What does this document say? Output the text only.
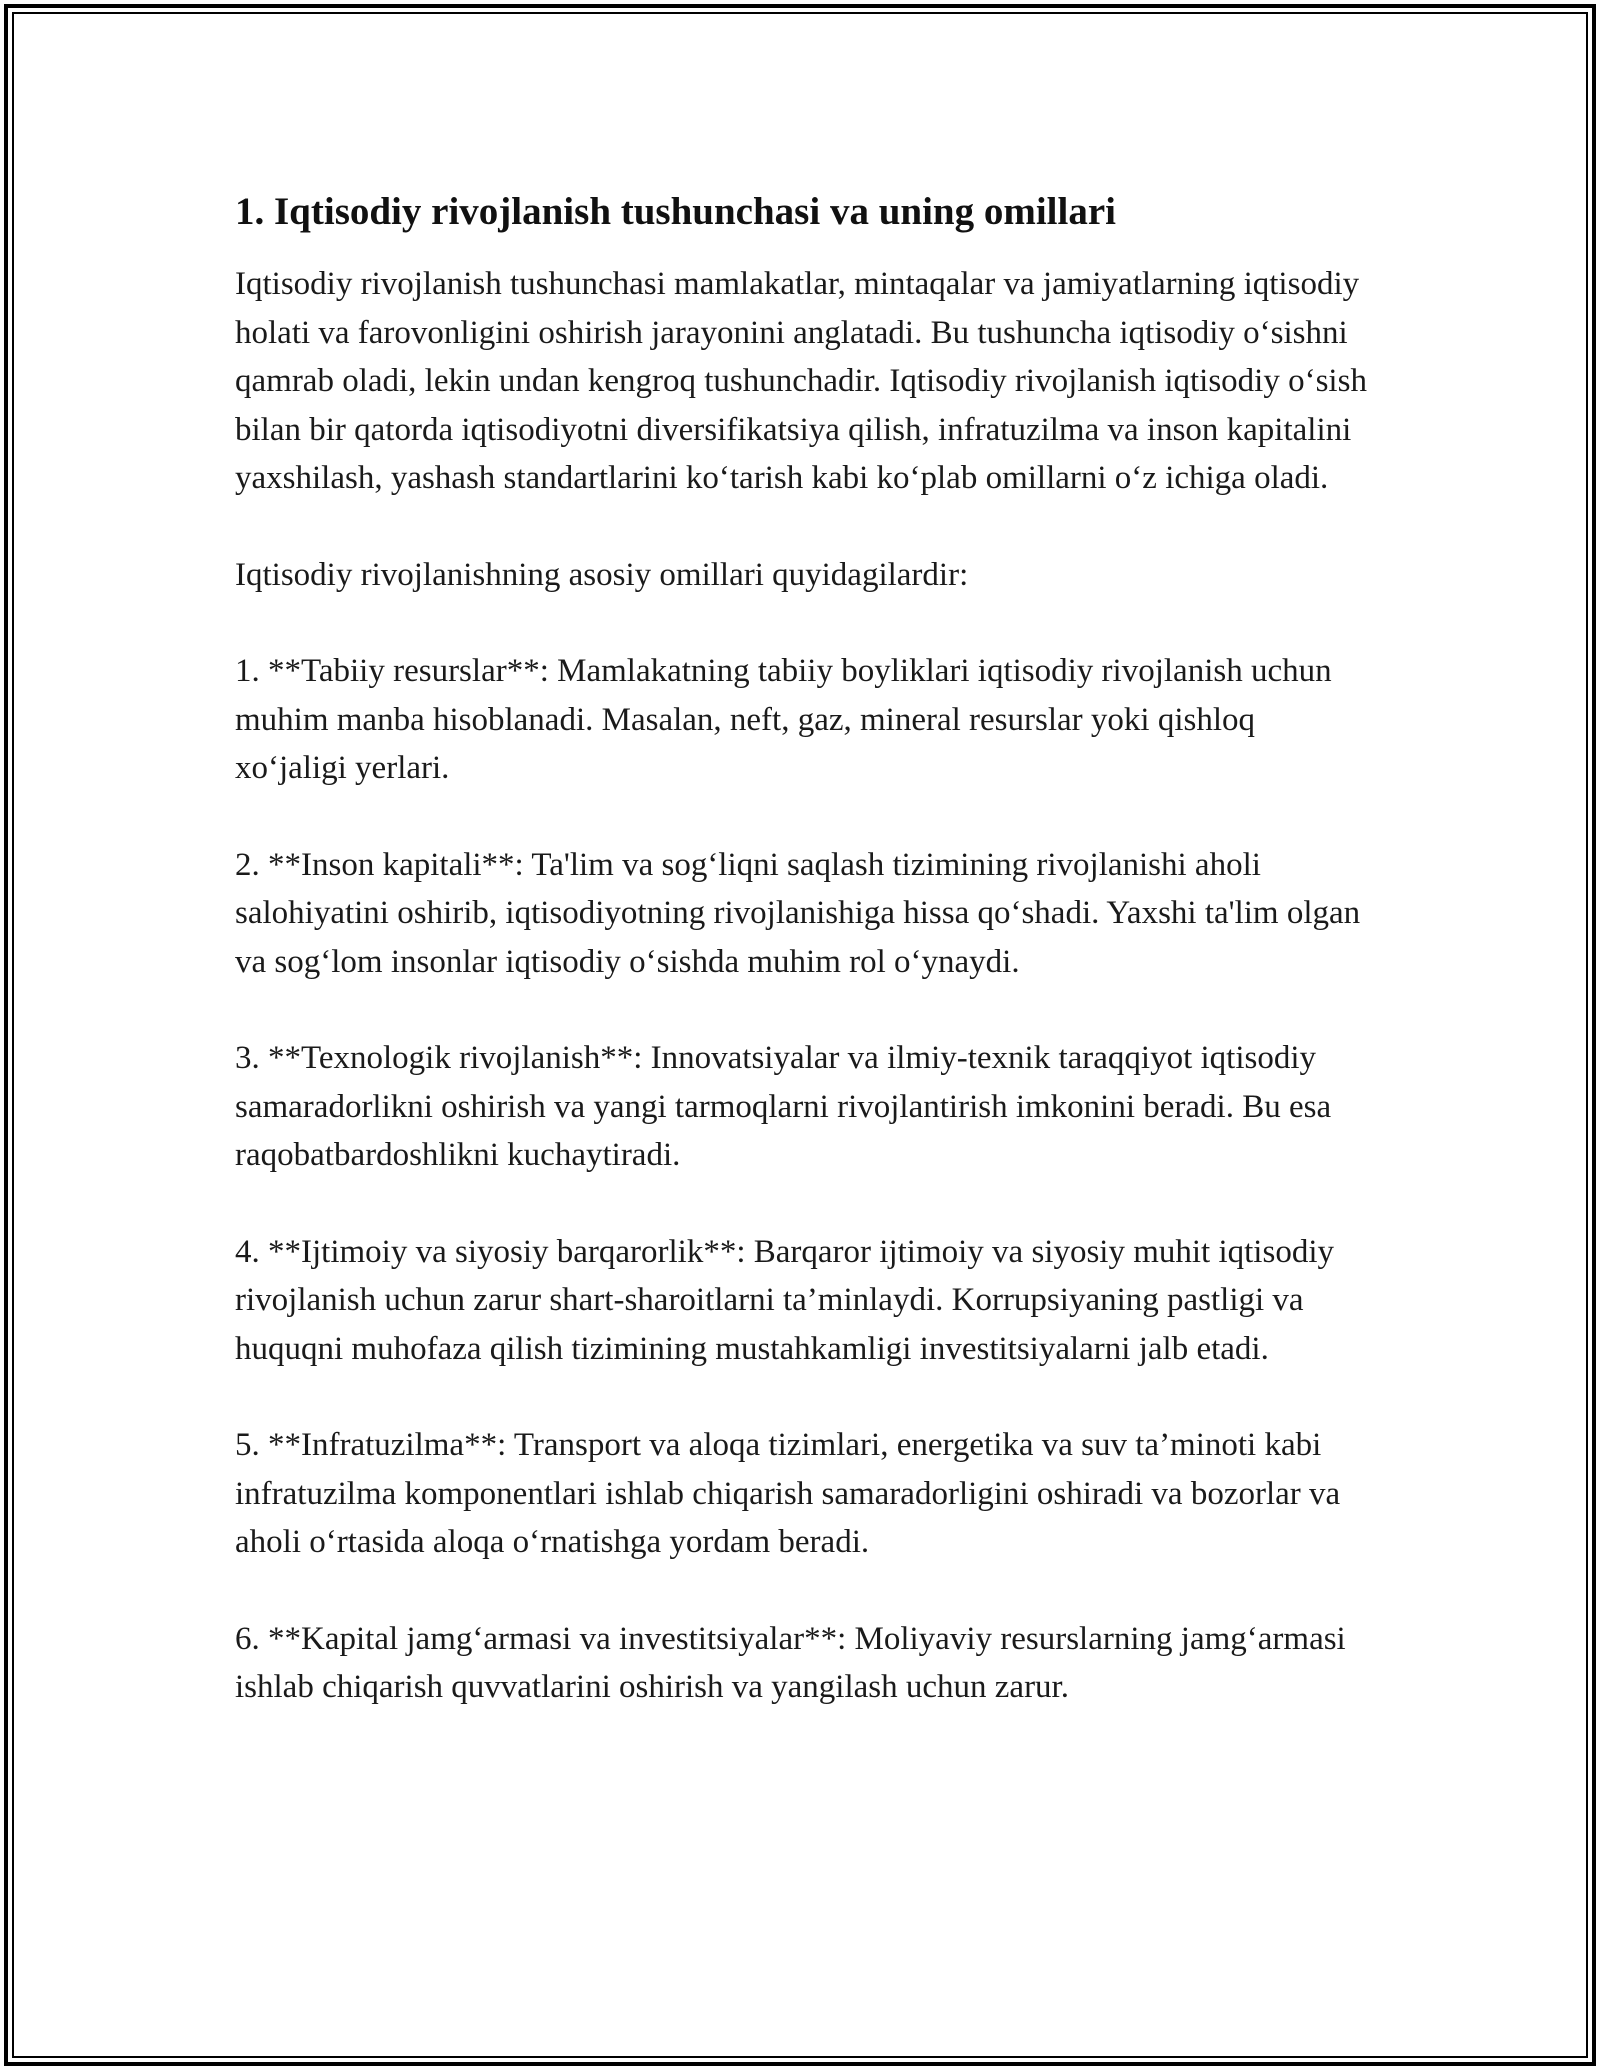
1. Iqtisodiy rivojlanish tushunchasi va uning omillari

Iqtisodiy rivojlanish tushunchasi mamlakatlar, mintaqalar va jamiyatlarning iqtisodiy holati va farovonligini oshirish jarayonini anglatadi. Bu tushuncha iqtisodiy o‘sishni qamrab oladi, lekin undan kengroq tushunchadir. Iqtisodiy rivojlanish iqtisodiy o‘sish bilan bir qatorda iqtisodiyotni diversifikatsiya qilish, infratuzilma va inson kapitalini yaxshilash, yashash standartlarini ko‘tarish kabi ko‘plab omillarni o‘z ichiga oladi.

Iqtisodiy rivojlanishning asosiy omillari quyidagilardir:

1. **Tabiiy resurslar**: Mamlakatning tabiiy boyliklari iqtisodiy rivojlanish uchun muhim manba hisoblanadi. Masalan, neft, gaz, mineral resurslar yoki qishloq xo‘jaligi yerlari.

2. **Inson kapitali**: Ta'lim va sog‘liqni saqlash tizimining rivojlanishi aholi salohiyatini oshirib, iqtisodiyotning rivojlanishiga hissa qo‘shadi. Yaxshi ta'lim olgan va sog‘lom insonlar iqtisodiy o‘sishda muhim rol o‘ynaydi.

3. **Texnologik rivojlanish**: Innovatsiyalar va ilmiy-texnik taraqqiyot iqtisodiy samaradorlikni oshirish va yangi tarmoqlarni rivojlantirish imkonini beradi. Bu esa raqobatbardoshlikni kuchaytiradi.

4. **Ijtimoiy va siyosiy barqarorlik**: Barqaror ijtimoiy va siyosiy muhit iqtisodiy rivojlanish uchun zarur shart-sharoitlarni ta’minlaydi. Korrupsiyaning pastligi va huquqni muhofaza qilish tizimining mustahkamligi investitsiyalarni jalb etadi.

5. **Infratuzilma**: Transport va aloqa tizimlari, energetika va suv ta’minoti kabi infratuzilma komponentlari ishlab chiqarish samaradorligini oshiradi va bozorlar va aholi o‘rtasida aloqa o‘rnatishga yordam beradi.

6. **Kapital jamg‘armasi va investitsiyalar**: Moliyaviy resurslarning jamg‘armasi ishlab chiqarish quvvatlarini oshirish va yangilash uchun zarur.
